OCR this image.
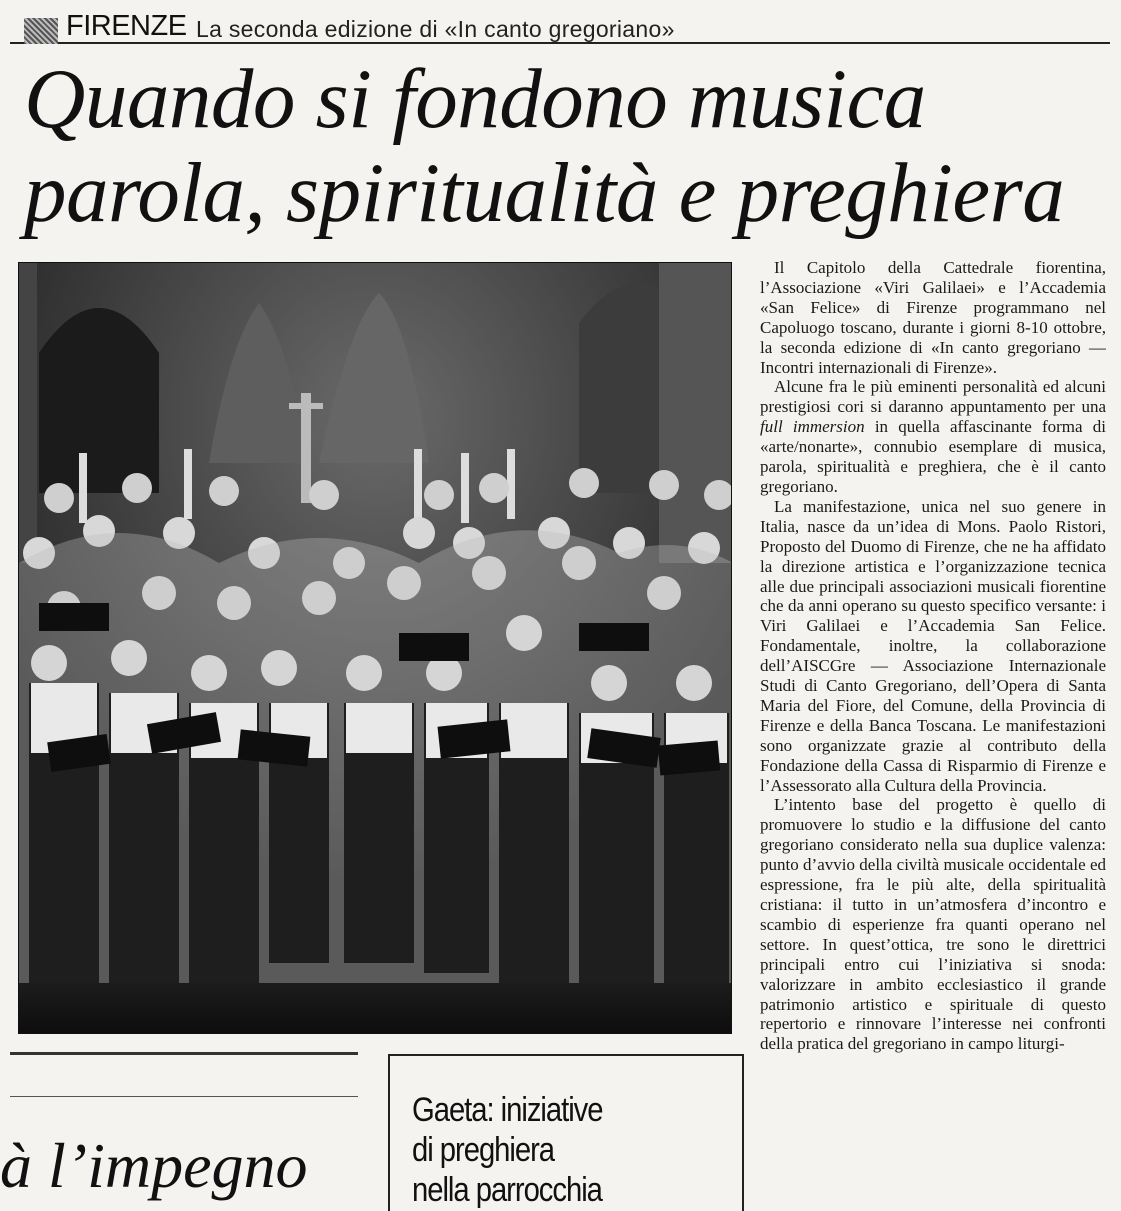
FIRENZE La seconda edizione di «In canto gregoriano»
Quando si fondono musica
parola, spiritualità e preghiera

Il Capitolo della Cattedrale fiorentina, l’Associazione «Viri Galilaei» e l’Accademia «San Felice» di Firenze programmano nel Capoluogo toscano, durante i giorni 8-10 ottobre, la seconda edizione di «In canto gregoriano — Incontri internazionali di Firenze».

Alcune fra le più eminenti personalità ed alcuni prestigiosi cori si daranno appuntamento per una full immersion in quella affascinante forma di «arte/nonarte», connubio esemplare di musica, parola, spiritualità e preghiera, che è il canto gregoriano.

La manifestazione, unica nel suo genere in Italia, nasce da un’idea di Mons. Paolo Ristori, Proposto del Duomo di Firenze, che ne ha affidato la direzione artistica e l’organizzazione tecnica alle due principali associazioni musicali fiorentine che da anni operano su questo specifico versante: i Viri Galilaei e l’Accademia San Felice. Fondamentale, inoltre, la collaborazione dell’AISCGre — Associazione Internazionale Studi di Canto Gregoriano, dell’Opera di Santa Maria del Fiore, del Comune, della Provincia di Firenze e della Banca Toscana. Le manifestazioni sono organizzate grazie al contributo della Fondazione della Cassa di Risparmio di Firenze e l’Assessorato alla Cultura della Provincia.

L’intento base del progetto è quello di promuovere lo studio e la diffusione del canto gregoriano considerato nella sua duplice valenza: punto d’avvio della civiltà musicale occidentale ed espressione, fra le più alte, della spiritualità cristiana: il tutto in un’atmosfera d’incontro e scambio di esperienze fra quanti operano nel settore. In quest’ottica, tre sono le direttrici principali entro cui l’iniziativa si snoda: valorizzare in ambito ecclesiastico il grande patrimonio artistico e spirituale di questo repertorio e rinnovare l’interesse nei confronti della pratica del gregoriano in campo liturgi-

à l’impegno
Gaeta: iniziative
di preghiera
nella parrocchia
